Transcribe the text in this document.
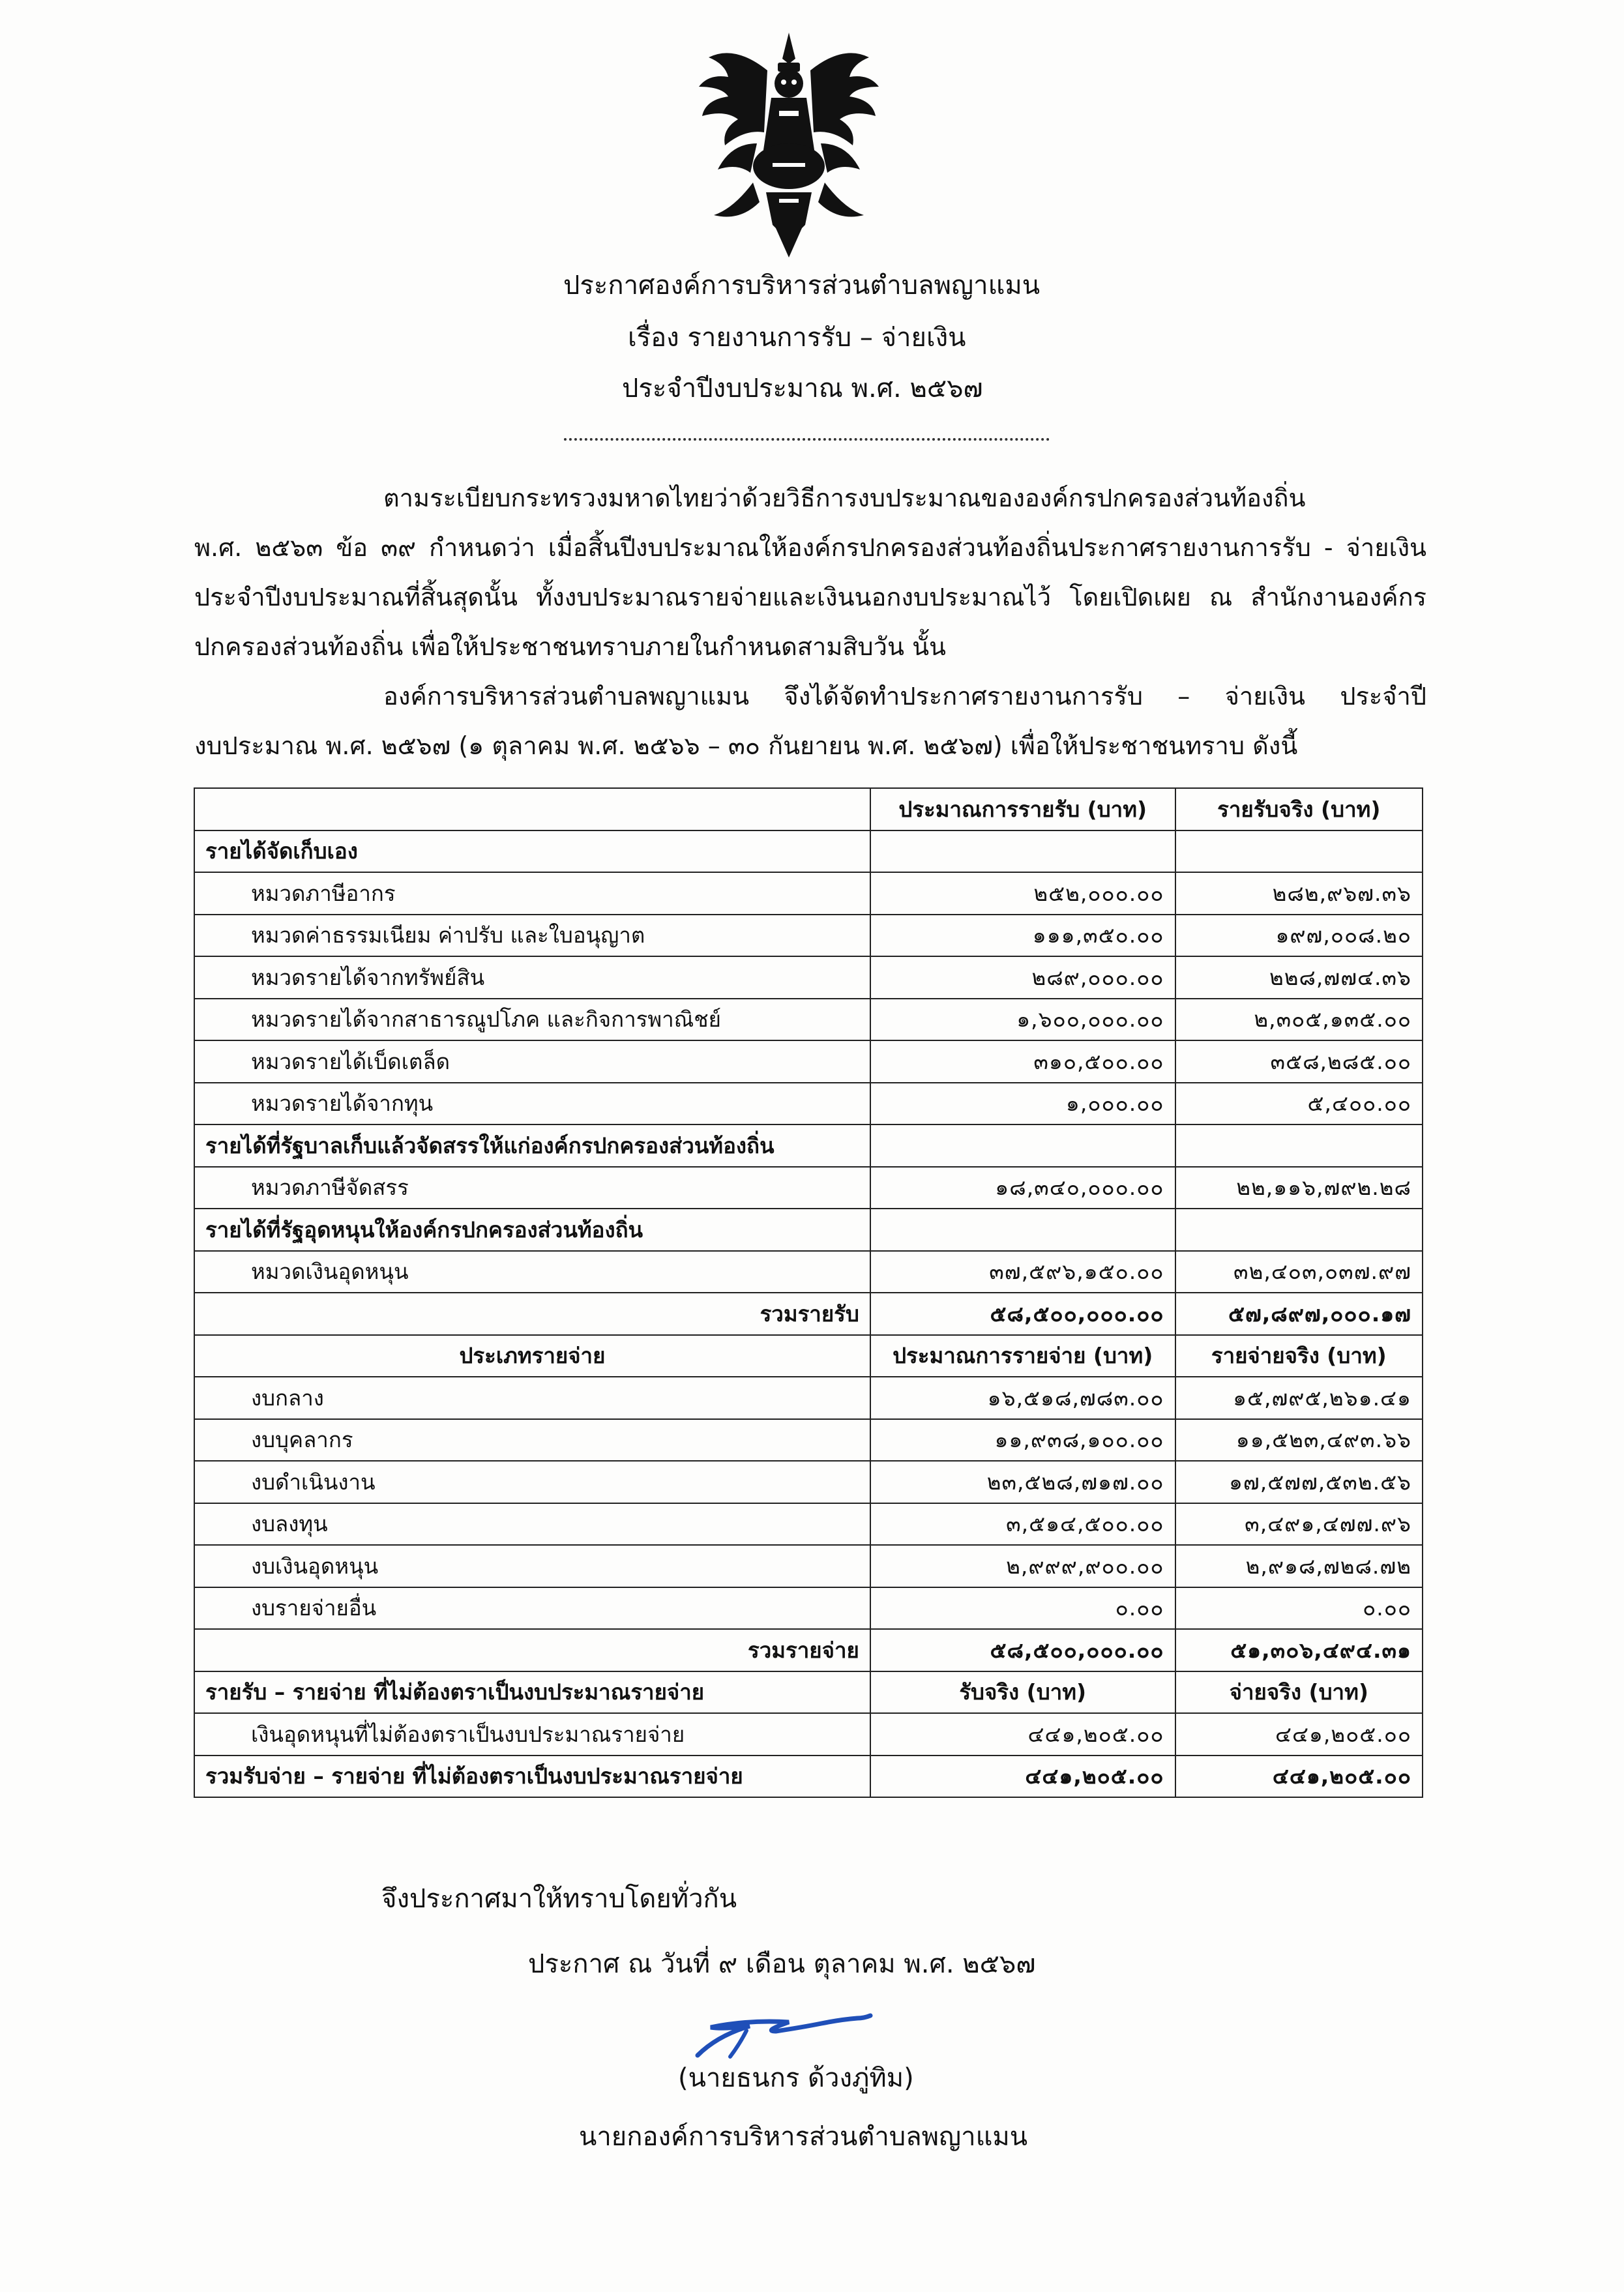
ประกาศองค์การบริหารส่วนตำบลพญาแมน
เรื่อง รายงานการรับ – จ่ายเงิน
ประจำปีงบประมาณ พ.ศ. ๒๕๖๗

ตามระเบียบกระทรวงมหาดไทยว่าด้วยวิธีการงบประมาณขององค์กรปกครองส่วนท้องถิ่น

พ.ศ. ๒๕๖๓ ข้อ ๓๙ กำหนดว่า เมื่อสิ้นปีงบประมาณให้องค์กรปกครองส่วนท้องถิ่นประกาศรายงานการรับ - จ่ายเงิน

ประจำปีงบประมาณที่สิ้นสุดนั้น ทั้งงบประมาณรายจ่ายและเงินนอกงบประมาณไว้ โดยเปิดเผย ณ สำนักงานองค์กร

ปกครองส่วนท้องถิ่น เพื่อให้ประชาชนทราบภายในกำหนดสามสิบวัน นั้น

องค์การบริหารส่วนตำบลพญาแมน จึงได้จัดทำประกาศรายงานการรับ – จ่ายเงิน ประจำปี

งบประมาณ พ.ศ. ๒๕๖๗ (๑ ตุลาคม พ.ศ. ๒๕๖๖ – ๓๐ กันยายน พ.ศ. ๒๕๖๗) เพื่อให้ประชาชนทราบ ดังนี้

	ประมาณการรายรับ (บาท)	รายรับจริง (บาท)
รายได้จัดเก็บเอง		
หมวดภาษีอากร	๒๕๒,๐๐๐.๐๐	๒๘๒,๙๖๗.๓๖
หมวดค่าธรรมเนียม ค่าปรับ และใบอนุญาต	๑๑๑,๓๕๐.๐๐	๑๙๗,๐๐๘.๒๐
หมวดรายได้จากทรัพย์สิน	๒๘๙,๐๐๐.๐๐	๒๒๘,๗๗๔.๓๖
หมวดรายได้จากสาธารณูปโภค และกิจการพาณิชย์	๑,๖๐๐,๐๐๐.๐๐	๒,๓๐๕,๑๓๕.๐๐
หมวดรายได้เบ็ดเตล็ด	๓๑๐,๕๐๐.๐๐	๓๕๘,๒๘๕.๐๐
หมวดรายได้จากทุน	๑,๐๐๐.๐๐	๕,๔๐๐.๐๐
รายได้ที่รัฐบาลเก็บแล้วจัดสรรให้แก่องค์กรปกครองส่วนท้องถิ่น		
หมวดภาษีจัดสรร	๑๘,๓๔๐,๐๐๐.๐๐	๒๒,๑๑๖,๗๙๒.๒๘
รายได้ที่รัฐอุดหนุนให้องค์กรปกครองส่วนท้องถิ่น		
หมวดเงินอุดหนุน	๓๗,๕๙๖,๑๕๐.๐๐	๓๒,๔๐๓,๐๓๗.๙๗
รวมรายรับ	๕๘,๕๐๐,๐๐๐.๐๐	๕๗,๘๙๗,๐๐๐.๑๗
ประเภทรายจ่าย	ประมาณการรายจ่าย (บาท)	รายจ่ายจริง (บาท)
งบกลาง	๑๖,๕๑๘,๗๘๓.๐๐	๑๕,๗๙๕,๒๖๑.๔๑
งบบุคลากร	๑๑,๙๓๘,๑๐๐.๐๐	๑๑,๕๒๓,๔๙๓.๖๖
งบดำเนินงาน	๒๓,๕๒๘,๗๑๗.๐๐	๑๗,๕๗๗,๕๓๒.๕๖
งบลงทุน	๓,๕๑๔,๕๐๐.๐๐	๓,๔๙๑,๔๗๗.๙๖
งบเงินอุดหนุน	๒,๙๙๙,๙๐๐.๐๐	๒,๙๑๘,๗๒๘.๗๒
งบรายจ่ายอื่น	๐.๐๐	๐.๐๐
รวมรายจ่าย	๕๘,๕๐๐,๐๐๐.๐๐	๕๑,๓๐๖,๔๙๔.๓๑
รายรับ – รายจ่าย ที่ไม่ต้องตราเป็นงบประมาณรายจ่าย	รับจริง (บาท)	จ่ายจริง (บาท)
เงินอุดหนุนที่ไม่ต้องตราเป็นงบประมาณรายจ่าย	๔๔๑,๒๐๕.๐๐	๔๔๑,๒๐๕.๐๐
รวมรับจ่าย – รายจ่าย ที่ไม่ต้องตราเป็นงบประมาณรายจ่าย	๔๔๑,๒๐๕.๐๐	๔๔๑,๒๐๕.๐๐
จึงประกาศมาให้ทราบโดยทั่วกัน
ประกาศ ณ วันที่ ๙ เดือน ตุลาคม พ.ศ. ๒๕๖๗
(นายธนกร ด้วงภู่ทิม)
นายกองค์การบริหารส่วนตำบลพญาแมน
